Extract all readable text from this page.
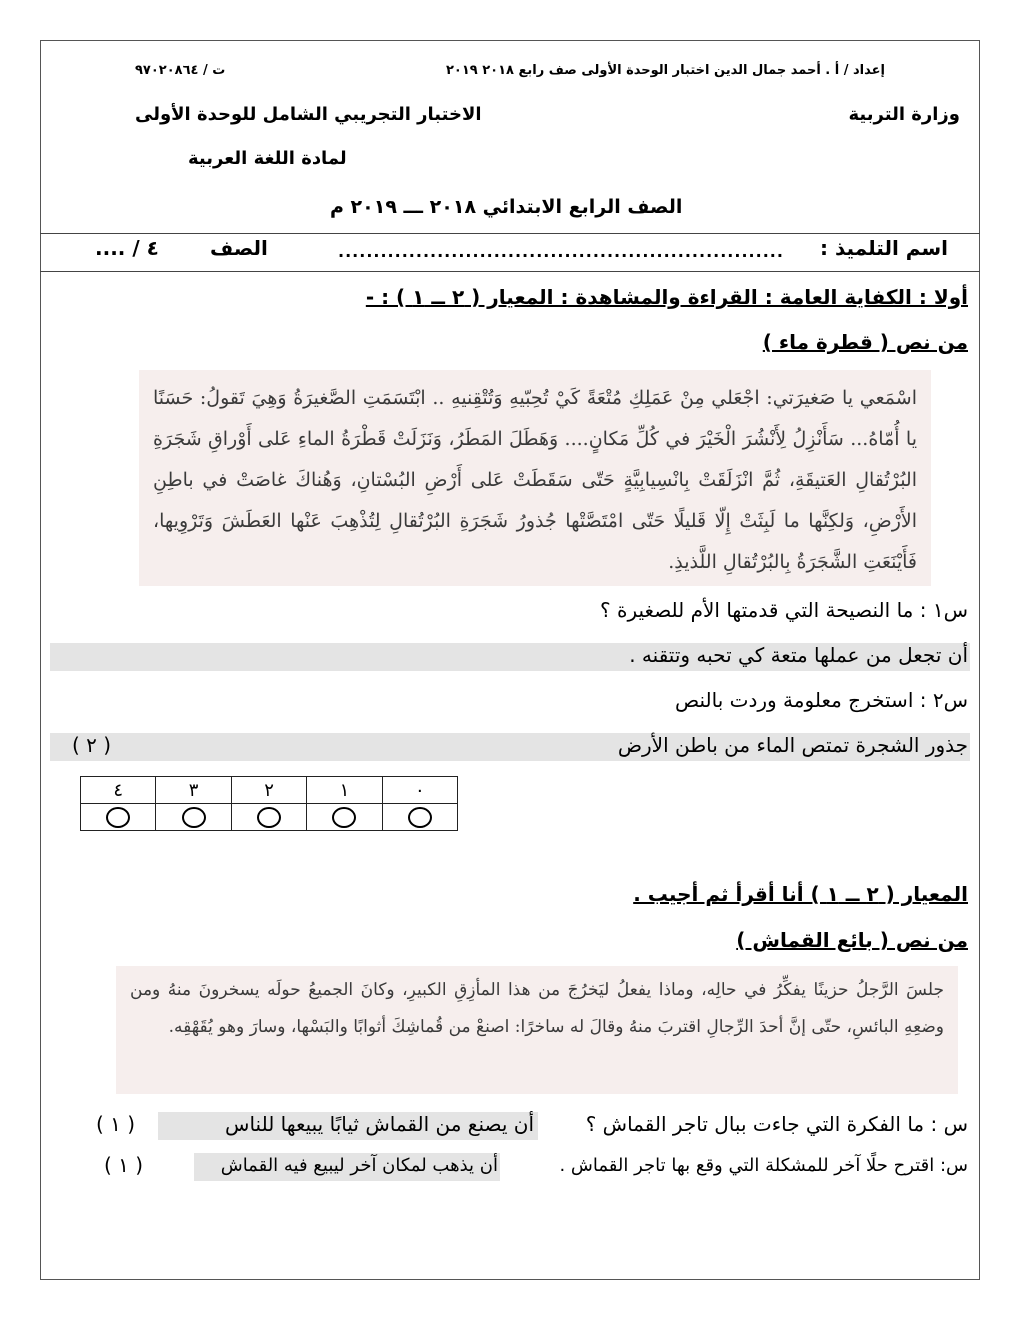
إعداد / أ . أحمد جمال الدين اختبار الوحدة الأولى صف رابع ٢٠١٨ ٢٠١٩
ت / ٩٧٠٢٠٨٦٤
وزارة التربية
الاختبار التجريبي الشامل للوحدة الأولى
لمادة اللغة العربية
الصف الرابع الابتدائي ٢٠١٨ ـــ ٢٠١٩ م
اسم التلميذ :
...............................................................
الصف
٤ / ....
أولا : الكفاية العامة : القراءة والمشاهدة : المعيار ( ٢ ــ ١ ) : -
من نص ( قطرة ماء )

اسْمَعي يا صَغيرَتي: اجْعَلي مِنْ عَمَلِكِ مُتْعَةً كَيْ تُحِبّيهِ وَتُتْقِنيهِ .. ابْتَسَمَتِ الصَّغيرَةُ وَهِيَ تَقولُ: حَسَنًا يا أُمّاهُ... سَأَنْزِلُ لِأَنْشُرَ الْخَيْرَ في كُلِّ مَكانٍ.... وَهَطَلَ المَطَرُ، وَنَزَلَتْ قَطْرَةُ الماءِ عَلى أَوْراقِ شَجَرَةِ البُرْتُقالِ العَتيقَةِ، ثُمَّ انْزَلَقَتْ بِانْسِيابِيَّةٍ حَتّى سَقَطَتْ عَلى أَرْضِ البُسْتانِ، وَهُناكَ غاصَتْ في باطِنِ الأَرْضِ، وَلكِنَّها ما لَبِثَتْ إِلّا قَليلًا حَتّى امْتَصَّتْها جُذورُ شَجَرَةِ البُرْتُقالِ لِتُذْهِبَ عَنْها العَطَشَ وَتَرْوِيها، فَأَيْنَعَتِ الشَّجَرَةُ بِالبُرْتُقالِ اللَّذيذِ.

س١ : ما النصيحة التي قدمتها الأم للصغيرة ؟
أن تجعل من عملها متعة كي تحبه وتتقنه .
س٢ : استخرج معلومة وردت بالنص
جذور الشجرة تمتص الماء من باطن الأرض
( ٢ )
٠	١	٢	٣	٤

المعيار ( ٢ ــ ١ ) أنا أقرأ ثم أجيب .
من نص ( بائع القماش )

جلسَ الرَّجلُ حزينًا يفكِّرُ في حالِه، وماذا يفعلُ ليَخرُجَ من هذا المأزِقِ الكبيرِ، وكانَ الجميعُ حولَه يسخرونَ منهُ ومن وضعِهِ البائسِ، حتّى إنَّ أحدَ الرِّجالِ اقتربَ منهُ وقالَ له ساخرًا: اصنعْ من قُماشِكَ أثوابًا والبَسْها، وسارَ وهو يُقَهْقِه.

س : ما الفكرة التي جاءت ببال تاجر القماش ؟
أن يصنع من القماش ثيابًا يبيعها للناس
( ١ )
س: اقترح حلًا آخر للمشكلة التي وقع بها تاجر القماش .
أن يذهب لمكان آخر ليبيع فيه القماش
( ١ )
